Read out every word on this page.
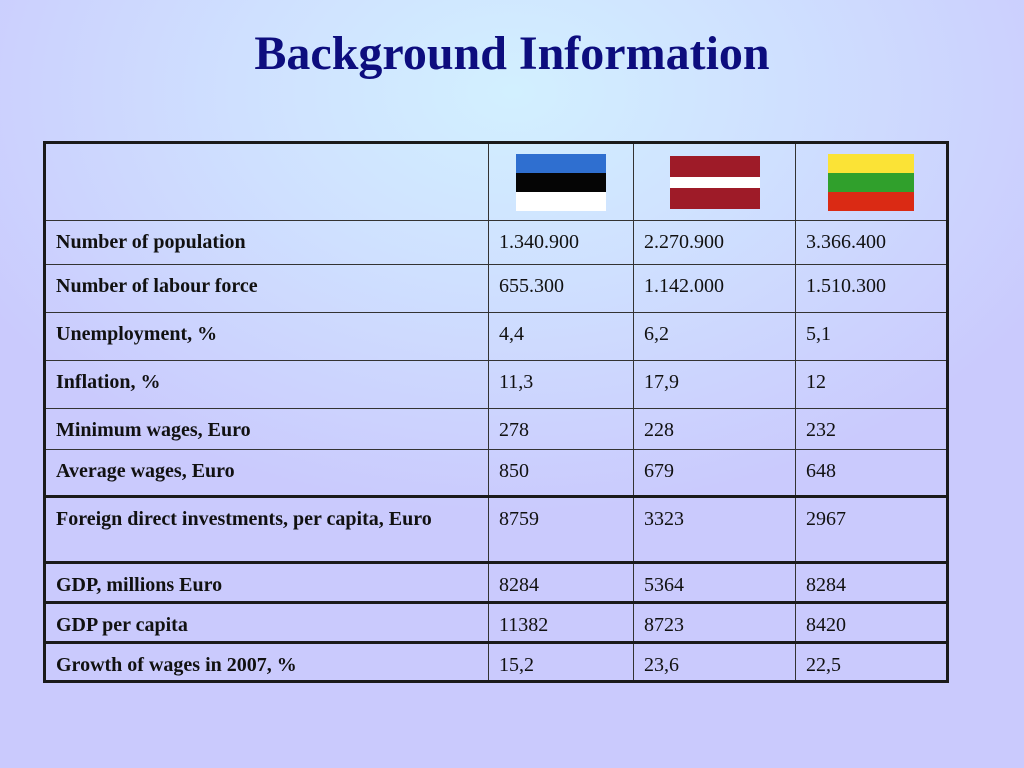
Background Information

Number of population	1.340.900	2.270.900	3.366.400
Number of labour force	655.300	1.142.000	1.510.300
Unemployment, %	4,4	6,2	5,1
Inflation, %	11,3	17,9	12
Minimum wages, Euro	278	228	232
Average wages, Euro	850	679	648
Foreign direct investments, per capita, Euro	8759	3323	2967
GDP, millions Euro	8284	5364	8284
GDP per capita	11382	8723	8420
Growth of wages in 2007, %	15,2	23,6	22,5
